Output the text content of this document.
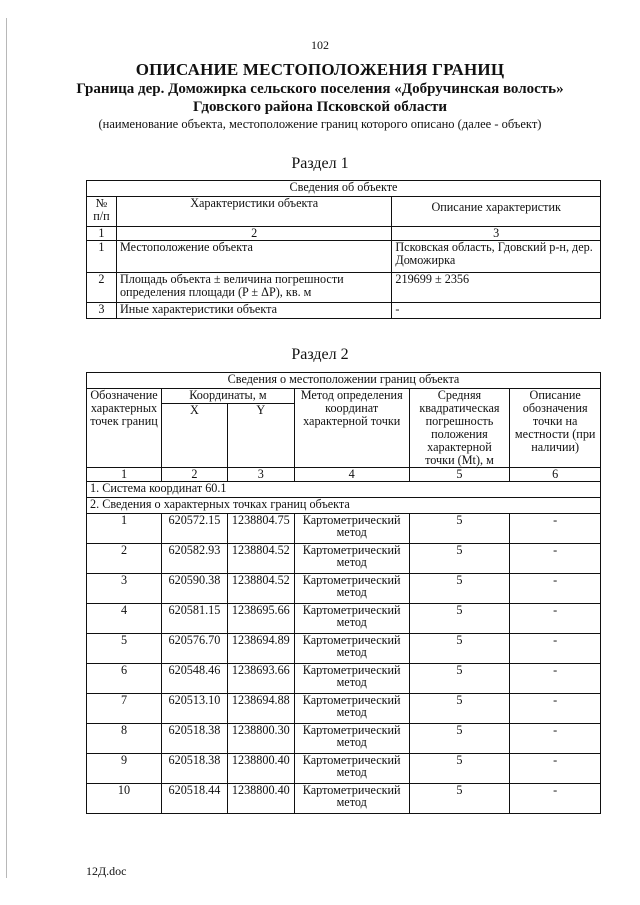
102
ОПИСАНИЕ МЕСТОПОЛОЖЕНИЯ ГРАНИЦ
Граница дер. Доможирка сельского поселения «Добручинская волость»
Гдовского района Псковской области
(наименование объекта, местоположение границ которого описано (далее - объект)
Раздел 1
Сведения об объекте		
№ п/п	Характеристики объекта	Описание характеристик
1	2	3
1	Местоположение объекта	Псковская область, Гдовский р-н, дер. Доможирка
2	Площадь объекта ± величина погрешности определения площади (P ± ΔP), кв. м	219699 ± 2356
3	Иные характеристики объекта	-
Раздел 2
Сведения о местоположении границ объекта					
Обозначение характерных точек границ	Координаты, м		Метод определения координат характерной точки	Средняя квадратическая погрешность положения характерной точки (Mt), м	Описание обозначения точки на местности (при наличии)
	X	Y			
1	2	3	4	5	6
1. Система координат 60.1					
2. Сведения о характерных точках границ объекта					
1	620572.15	1238804.75	Картометрический метод	5	-
2	620582.93	1238804.52	Картометрический метод	5	-
3	620590.38	1238804.52	Картометрический метод	5	-
4	620581.15	1238695.66	Картометрический метод	5	-
5	620576.70	1238694.89	Картометрический метод	5	-
6	620548.46	1238693.66	Картометрический метод	5	-
7	620513.10	1238694.88	Картометрический метод	5	-
8	620518.38	1238800.30	Картометрический метод	5	-
9	620518.38	1238800.40	Картометрический метод	5	-
10	620518.44	1238800.40	Картометрический метод	5	-
12Д.doc
